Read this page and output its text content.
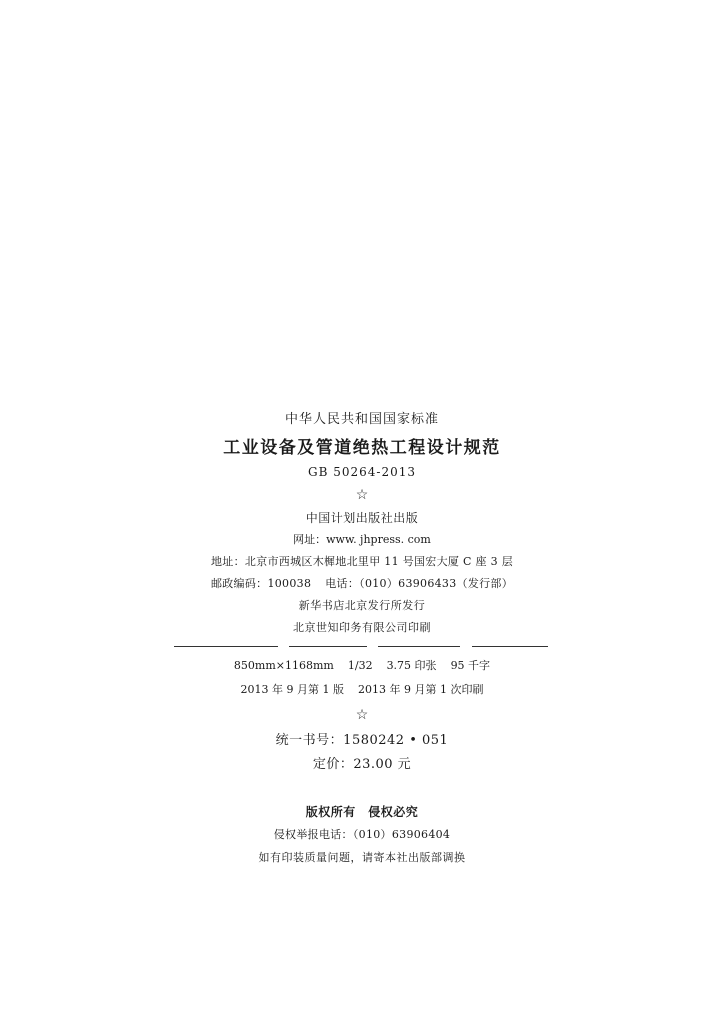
中华人民共和国国家标准
工业设备及管道绝热工程设计规范
GB 50264-2013
☆
中国计划出版社出版
网址：www. jhpress. com
地址：北京市西城区木樨地北里甲 11 号国宏大厦 C 座 3 层
邮政编码：100038 电话：（010）63906433（发行部）
新华书店北京发行所发行
北京世知印务有限公司印刷
850mm×1168mm 1/32 3.75 印张 95 千字
2013 年 9 月第 1 版 2013 年 9 月第 1 次印刷
☆
统一书号：1580242 • 051
定价：23.00 元
版权所有　侵权必究
侵权举报电话：（010）63906404
如有印装质量问题，请寄本社出版部调换
